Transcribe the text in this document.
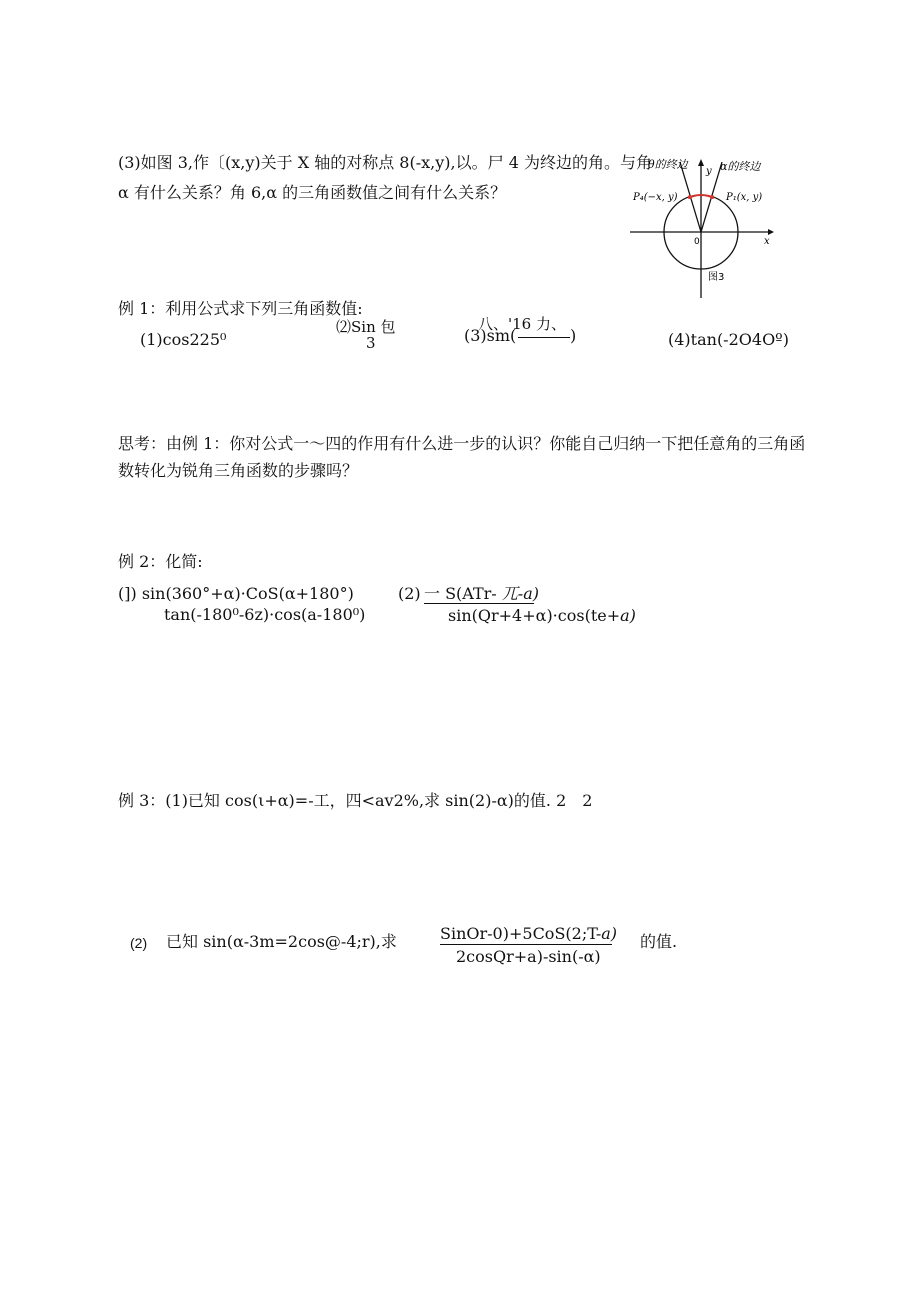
(3)如图 3,作〔(x,y)关于 X 轴的对称点 8(-x,y),以。尸 4 为终边的角。与角
α 有什么关系？角 6,α 的三角函数值之间有什么关系？
θ的终边	α的终边
y
x
P₄(−x, y)	P₁(x, y)
0
图3
例 1：利用公式求下列三角函数值:
(1)cos225⁰
⑵Sin 包
3
八、'16 力、
(3)sm(	)	(4)tan(-2O4Oº)
思考：由例 1：你对公式一～四的作用有什么进一步的认识？你能自己归纳一下把任意角的三角函
数转化为锐角三角函数的步骤吗？
例 2：化简:
(]) sin(360°+α)·CoS(α+180°)
tan(-180⁰-6z)·cos(a-180⁰)
(2) 一 S(ATr- 兀-a)
sin(Qr+4+α)·cos(te+a)
例 3：(1)已知 cos(ι+α)=-工，四<av2%,求 sin(2)-α)的值. 2　2
(2) 已知 sin(α-3m=2cos@-4;r),求	SinOr-0)+5CoS(2;T-a)
2cosQr+a)-sin(-α)
的值.
